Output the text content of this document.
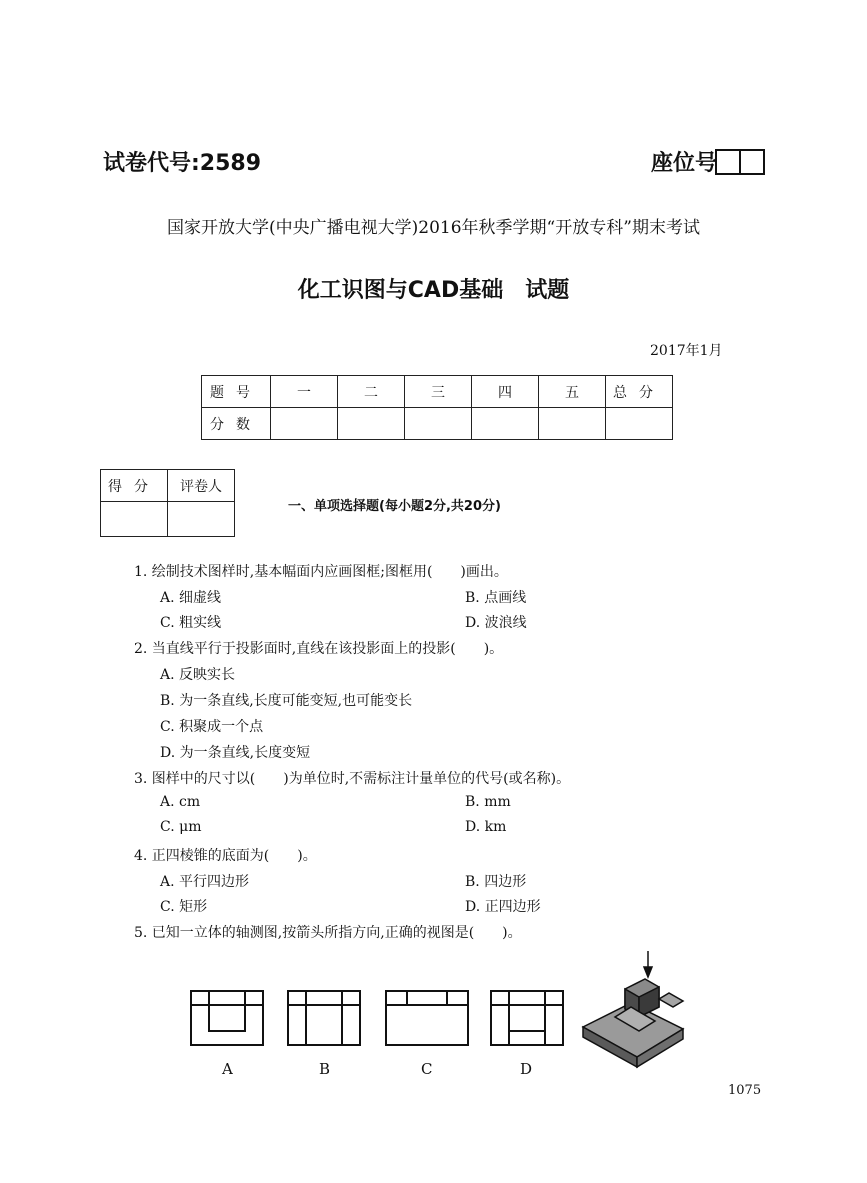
试卷代号:2589	座位号
国家开放大学(中央广播电视大学)2016年秋季学期“开放专科”期末考试
化工识图与CAD基础　试题
2017年1月
题号	一	二	三	四	五	总分
分数						
得分	评卷人

一、单项选择题(每小题2分,共20分)
1. 绘制技术图样时,基本幅面内应画图框;图框用(　　)画出。
A. 细虚线	B. 点画线
C. 粗实线	D. 波浪线
2. 当直线平行于投影面时,直线在该投影面上的投影(　　)。
A. 反映实长
B. 为一条直线,长度可能变短,也可能变长
C. 积聚成一个点
D. 为一条直线,长度变短
3. 图样中的尺寸以(　　)为单位时,不需标注计量单位的代号(或名称)。
A. cm	B. mm
C. μm	D. km
4. 正四棱锥的底面为(　　)。
A. 平行四边形	B. 四边形
C. 矩形	D. 正四边形
5. 已知一立体的轴测图,按箭头所指方向,正确的视图是(　　)。
A	B	C	D
1075
